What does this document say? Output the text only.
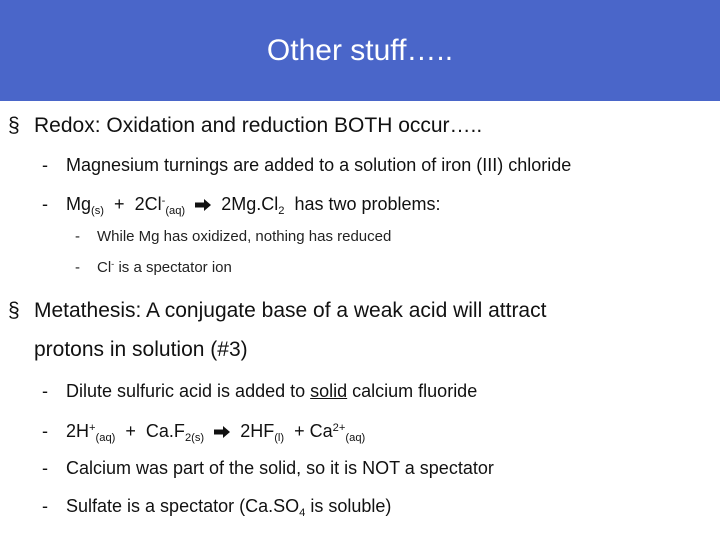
Other stuff…..
§ Redox: Oxidation and reduction BOTH occur…..
- Magnesium turnings are added to a solution of iron (III) chloride
- $Mg_{(s)} + 2Cl^-_{(aq)} \to 2Mg.Cl_2$ has two problems:
- While Mg has oxidized, nothing has reduced
- Cl- is a spectator ion
§ Metathesis: A conjugate base of a weak acid will attract
protons in solution (#3)
- Dilute sulfuric acid is added to solid calcium fluoride
- $2H^+_{(aq)} + Ca.F_{2(s)} \to 2HF_{(l)} + Ca^{2+}_{(aq)}$
- Calcium was part of the solid, so it is NOT a spectator
- Sulfate is a spectator ($Ca.SO_4$ is soluble)
